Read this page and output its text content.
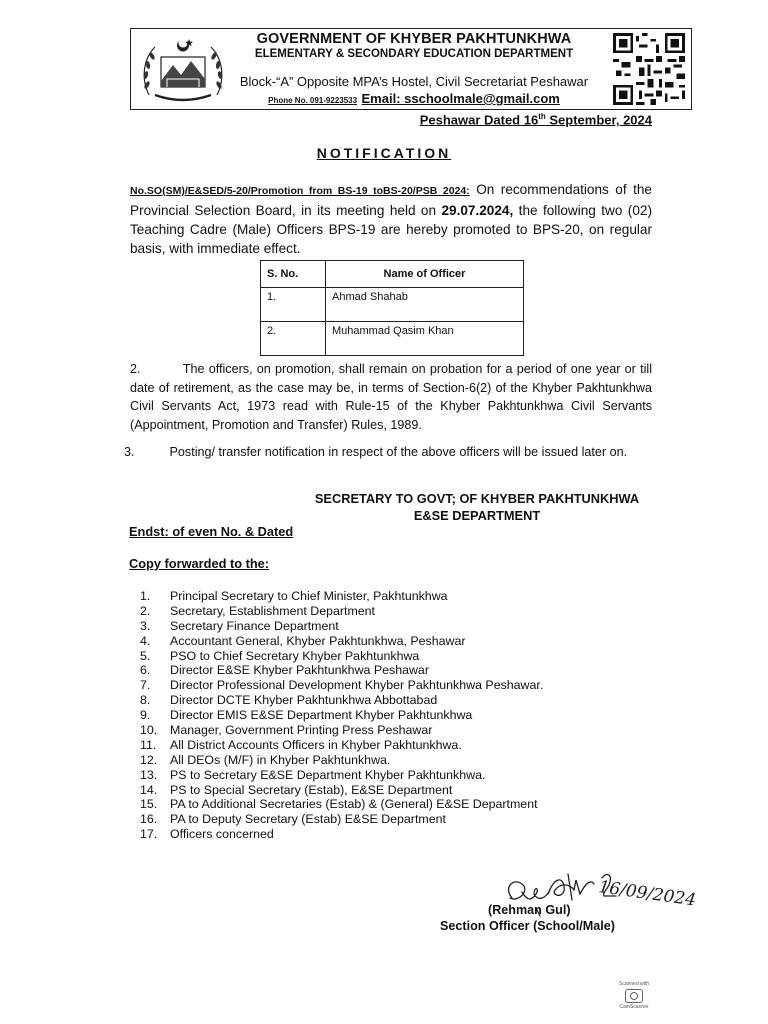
GOVERNMENT OF KHYBER PAKHTUNKHWA
ELEMENTARY & SECONDARY EDUCATION DEPARTMENT
Block-“A” Opposite MPA’s Hostel, Civil Secretariat Peshawar
Phone No. 091-9223533 Email: sschoolmale@gmail.com
Peshawar Dated 16th September, 2024
NOTIFICATION
No.SO(SM)/E&SED/5-20/Promotion from BS-19 toBS-20/PSB 2024: On recommendations of the Provincial Selection Board, in its meeting held on 29.07.2024, the following two (02) Teaching Cadre (Male) Officers BPS-19 are hereby promoted to BPS-20, on regular basis, with immediate effect.
S. No.	Name of Officer
1.	Ahmad Shahab
2.	Muhammad Qasim Khan
2.          The officers, on promotion, shall remain on probation for a period of one year or till date of retirement, as the case may be, in terms of Section-6(2) of the Khyber Pakhtunkhwa Civil Servants Act, 1973 read with Rule-15 of the Khyber Pakhtunkhwa Civil Servants (Appointment, Promotion and Transfer) Rules, 1989.
3.          Posting/ transfer notification in respect of the above officers will be issued later on.
SECRETARY TO GOVT; OF KHYBER PAKHTUNKHWA
E&SE DEPARTMENT
Endst: of even No. & Dated
Copy forwarded to the:
1.	Principal Secretary to Chief Minister, Pakhtunkhwa
2.	Secretary, Establishment Department
3.	Secretary Finance Department
4.	Accountant General, Khyber Pakhtunkhwa, Peshawar
5.	PSO to Chief Secretary Khyber Pakhtunkhwa
6.	Director E&SE Khyber Pakhtunkhwa Peshawar
7.	Director Professional Development Khyber Pakhtunkhwa Peshawar.
8.	Director DCTE Khyber Pakhtunkhwa Abbottabad
9.	Director EMIS E&SE Department Khyber Pakhtunkhwa
10.	Manager, Government Printing Press Peshawar
11.	All District Accounts Officers in Khyber Pakhtunkhwa.
12.	All DEOs (M/F) in Khyber Pakhtunkhwa.
13.	PS to Secretary E&SE Department Khyber Pakhtunkhwa.
14.	PS to Special Secretary (Estab), E&SE Department
15.	PA to Additional Secretaries (Estab) & (General) E&SE Department
16.	PA to Deputy Secretary (Estab) E&SE Department
17.	Officers concerned
16/09/2024
(Rehman Gul)
Section Officer (School/Male)
Scanned with
CamScanner
